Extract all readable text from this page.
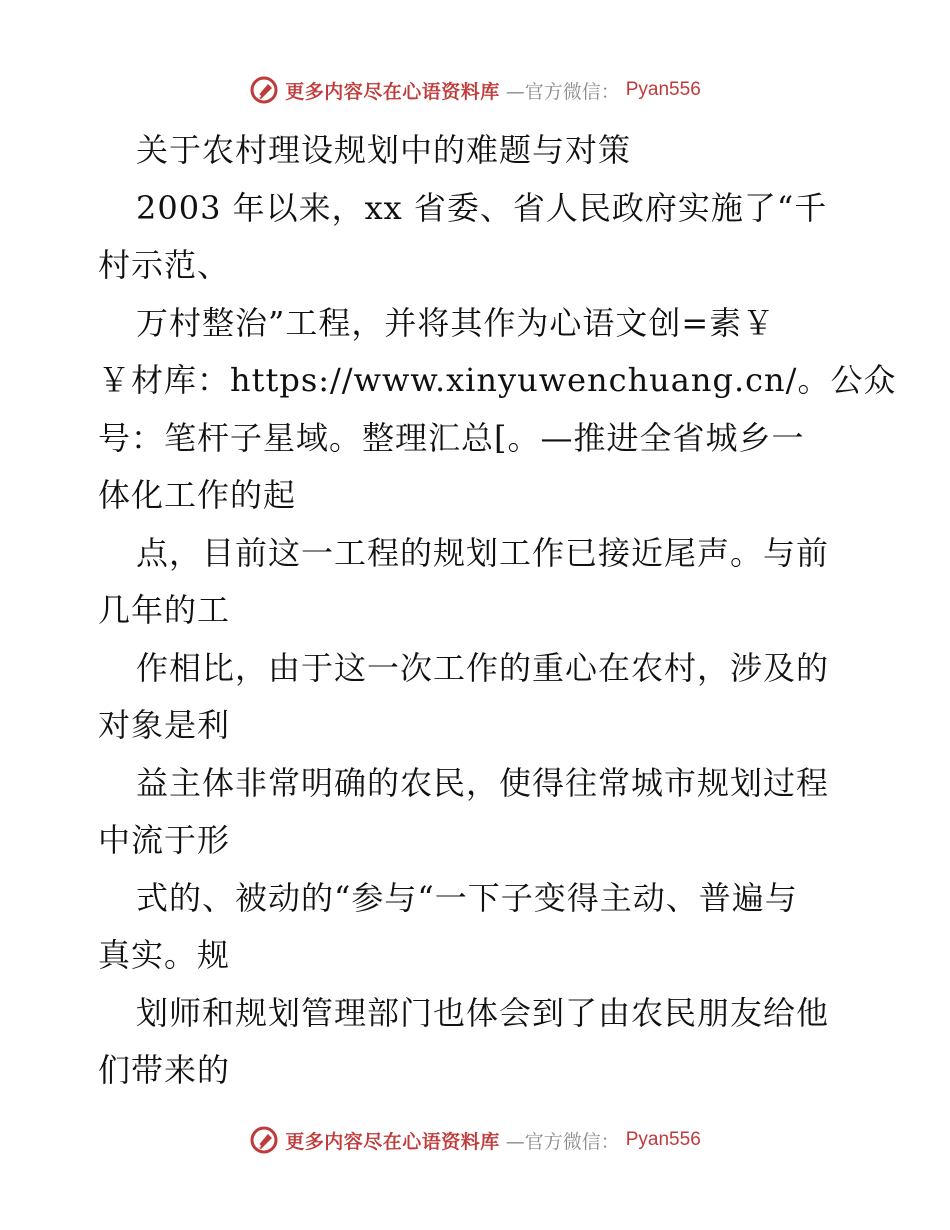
更多内容尽在心语资料库 —官方微信： Pyan556
关于农村理设规划中的难题与对策
2003 年以来，xx 省委、省人民政府实施了“千
村示范、
万村整治”工程，并将其作为心语文创=素￥
￥材库：https://www.xinyuwenchuang.cn/。公众
号：笔杆子星域。整理汇总[。—推进全省城乡一
体化工作的起
点，目前这一工程的规划工作已接近尾声。与前
几年的工
作相比，由于这一次工作的重心在农村，涉及的
对象是利
益主体非常明确的农民，使得往常城市规划过程
中流于形
式的、被动的“参与“一下子变得主动、普遍与
真实。规
划师和规划管理部门也体会到了由农民朋友给他
们带来的
更多内容尽在心语资料库 —官方微信： Pyan556
